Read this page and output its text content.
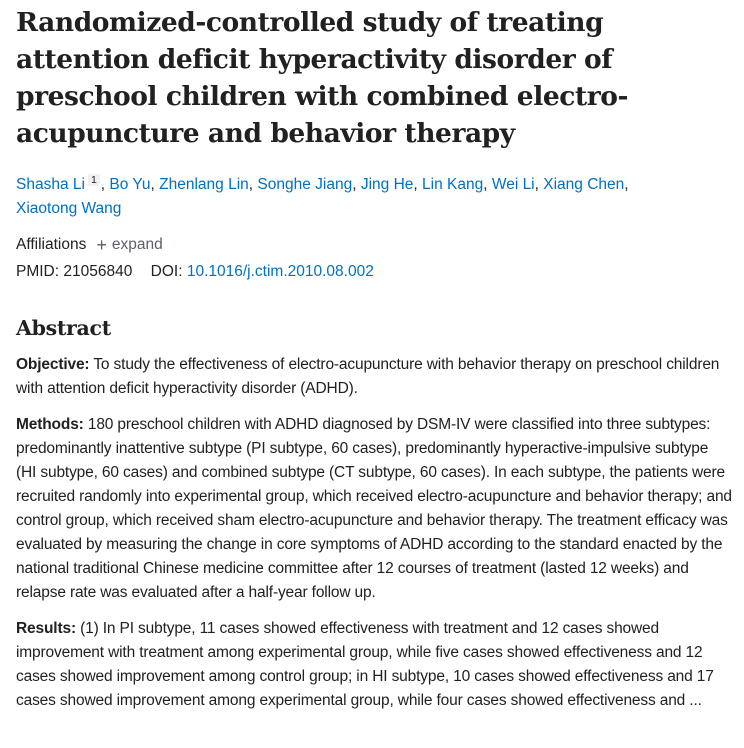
Randomized-controlled study of treating attention deficit hyperactivity disorder of preschool children with combined electro-acupuncture and behavior therapy
Shasha Li 1 , Bo Yu, Zhenlang Lin, Songhe Jiang, Jing He, Lin Kang, Wei Li, Xiang Chen,
Xiaotong Wang
Affiliations + expand
PMID: 21056840 DOI: 10.1016/j.ctim.2010.08.002
Abstract

Objective: To study the effectiveness of electro-acupuncture with behavior therapy on preschool children with attention deficit hyperactivity disorder (ADHD).

Methods: 180 preschool children with ADHD diagnosed by DSM-IV were classified into three subtypes: predominantly inattentive subtype (PI subtype, 60 cases), predominantly hyperactive-impulsive subtype (HI subtype, 60 cases) and combined subtype (CT subtype, 60 cases). In each subtype, the patients were recruited randomly into experimental group, which received electro-acupuncture and behavior therapy; and control group, which received sham electro-acupuncture and behavior therapy. The treatment efficacy was evaluated by measuring the change in core symptoms of ADHD according to the standard enacted by the national traditional Chinese medicine committee after 12 courses of treatment (lasted 12 weeks) and relapse rate was evaluated after a half-year follow up.

Results: (1) In PI subtype, 11 cases showed effectiveness with treatment and 12 cases showed improvement with treatment among experimental group, while five cases showed effectiveness and 12 cases showed improvement among control group; in HI subtype, 10 cases showed effectiveness and 17 cases showed improvement among experimental group, while four cases showed effectiveness and ...
